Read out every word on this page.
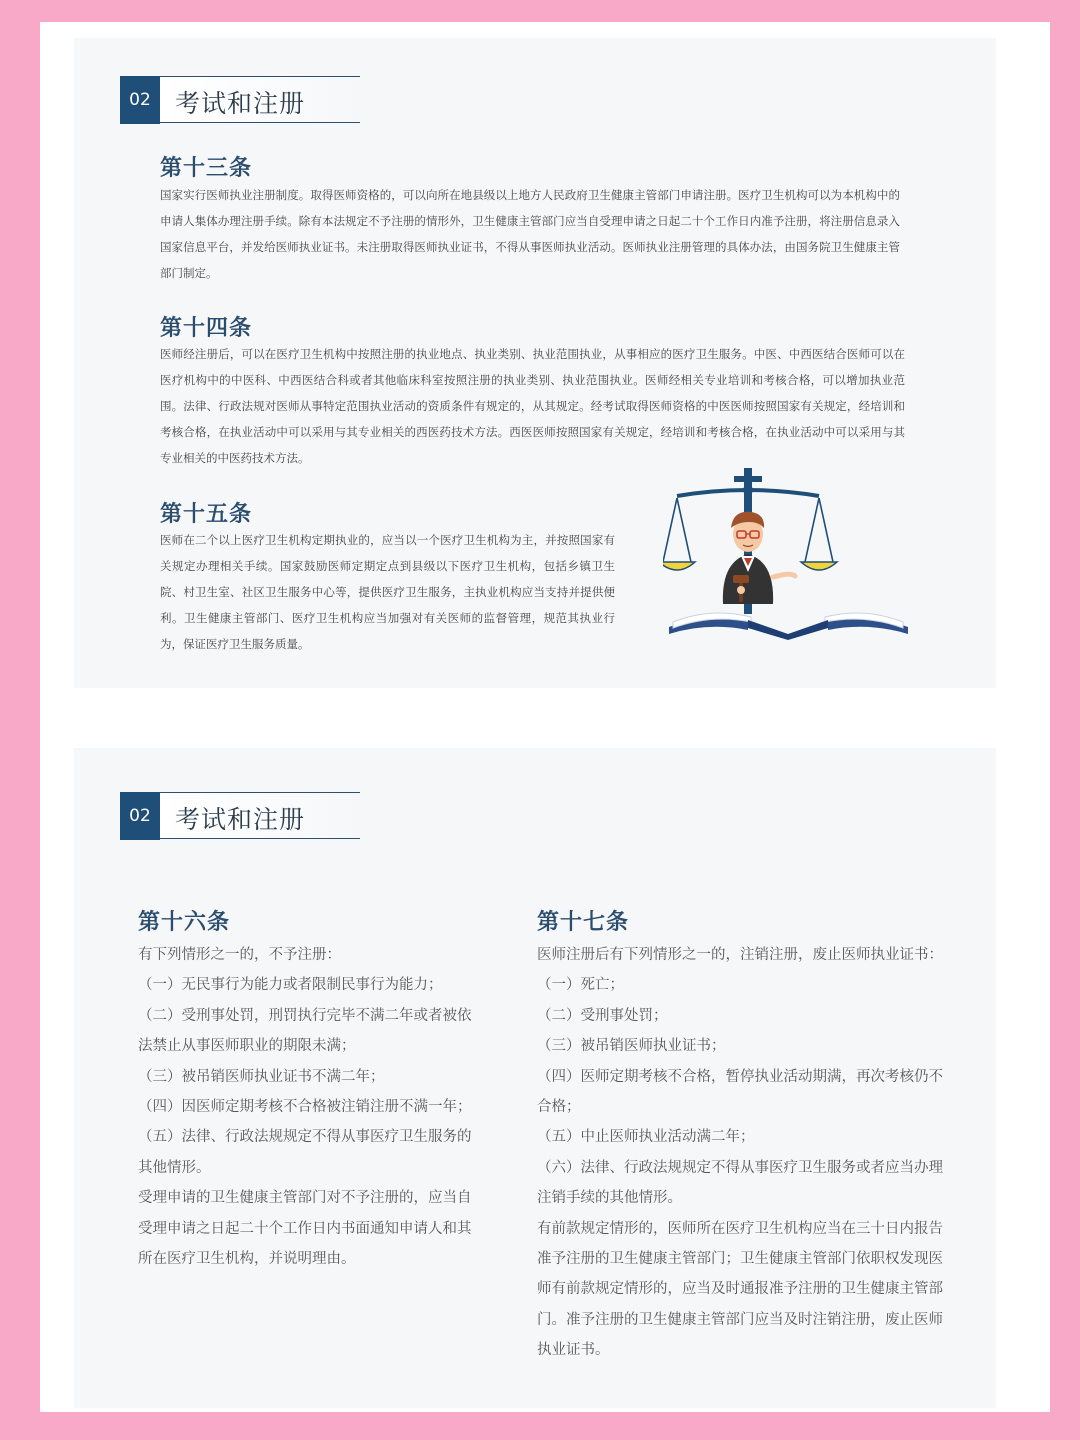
02 考试和注册
第十三条
国家实行医师执业注册制度。取得医师资格的，可以向所在地县级以上地方人民政府卫生健康主管部门申请注册。医疗卫生机构可以为本机构中的申请人集体办理注册手续。除有本法规定不予注册的情形外，卫生健康主管部门应当自受理申请之日起二十个工作日内准予注册，将注册信息录入国家信息平台，并发给医师执业证书。未注册取得医师执业证书，不得从事医师执业活动。医师执业注册管理的具体办法，由国务院卫生健康主管部门制定。
第十四条
医师经注册后，可以在医疗卫生机构中按照注册的执业地点、执业类别、执业范围执业，从事相应的医疗卫生服务。中医、中西医结合医师可以在医疗机构中的中医科、中西医结合科或者其他临床科室按照注册的执业类别、执业范围执业。医师经相关专业培训和考核合格，可以增加执业范围。法律、行政法规对医师从事特定范围执业活动的资质条件有规定的，从其规定。经考试取得医师资格的中医医师按照国家有关规定，经培训和考核合格，在执业活动中可以采用与其专业相关的西医药技术方法。西医医师按照国家有关规定，经培训和考核合格，在执业活动中可以采用与其专业相关的中医药技术方法。
第十五条
医师在二个以上医疗卫生机构定期执业的，应当以一个医疗卫生机构为主，并按照国家有关规定办理相关手续。国家鼓励医师定期定点到县级以下医疗卫生机构，包括乡镇卫生院、村卫生室、社区卫生服务中心等，提供医疗卫生服务，主执业机构应当支持并提供便利。卫生健康主管部门、医疗卫生机构应当加强对有关医师的监督管理，规范其执业行为，保证医疗卫生服务质量。
02 考试和注册
第十六条

有下列情形之一的，不予注册：

（一）无民事行为能力或者限制民事行为能力；

（二）受刑事处罚，刑罚执行完毕不满二年或者被依法禁止从事医师职业的期限未满；

（三）被吊销医师执业证书不满二年；

（四）因医师定期考核不合格被注销注册不满一年；

（五）法律、行政法规规定不得从事医疗卫生服务的其他情形。

受理申请的卫生健康主管部门对不予注册的，应当自受理申请之日起二十个工作日内书面通知申请人和其所在医疗卫生机构，并说明理由。

第十七条

医师注册后有下列情形之一的，注销注册，废止医师执业证书：

（一）死亡；

（二）受刑事处罚；

（三）被吊销医师执业证书；

（四）医师定期考核不合格，暂停执业活动期满，再次考核仍不合格；

（五）中止医师执业活动满二年；

（六）法律、行政法规规定不得从事医疗卫生服务或者应当办理注销手续的其他情形。

有前款规定情形的，医师所在医疗卫生机构应当在三十日内报告准予注册的卫生健康主管部门；卫生健康主管部门依职权发现医师有前款规定情形的，应当及时通报准予注册的卫生健康主管部门。准予注册的卫生健康主管部门应当及时注销注册，废止医师执业证书。
